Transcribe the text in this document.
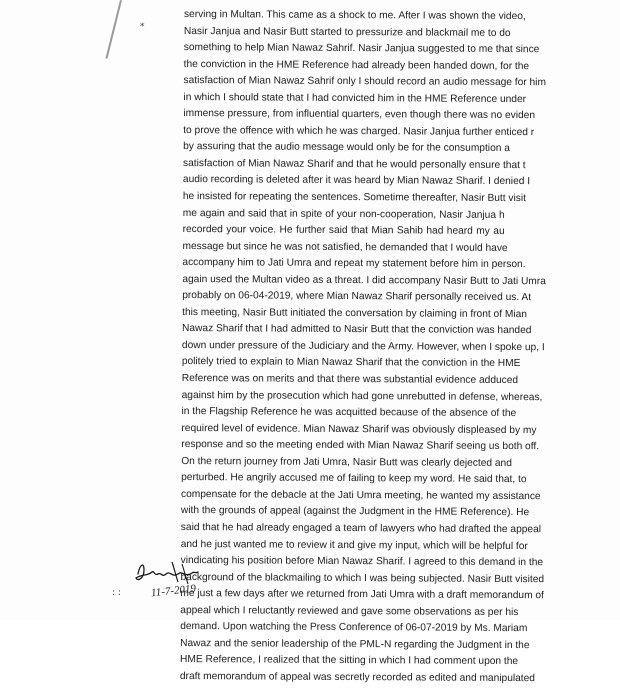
*
serving in Multan. This came as a shock to me. After I was shown the video,
Nasir Janjua and Nasir Butt started to pressurize and blackmail me to do
something to help Mian Nawaz Sahrif. Nasir Janjua suggested to me that since
the conviction in the HME Reference had already been handed down, for the
satisfaction of Mian Nawaz Sahrif only I should record an audio message for him
in which I should state that I had convicted him in the HME Reference under
immense pressure, from influential quarters, even though there was no eviden
to prove the offence with which he was charged. Nasir Janjua further enticed r
by assuring that the audio message would only be for the consumption a
satisfaction of Mian Nawaz Sharif and that he would personally ensure that t
audio recording is deleted after it was heard by Mian Nawaz Sharif. I denied I
he insisted for repeating the sentences. Sometime thereafter, Nasir Butt visit
me again and said that in spite of your non-cooperation, Nasir Janjua h
recorded your voice. He further said that Mian Sahib had heard my au
message but since he was not satisfied, he demanded that I would have
accompany him to Jati Umra and repeat my statement before him in person.
again used the Multan video as a threat. I did accompany Nasir Butt to Jati Umra
probably on 06-04-2019, where Mian Nawaz Sharif personally received us. At
this meeting, Nasir Butt initiated the conversation by claiming in front of Mian
Nawaz Sharif that I had admitted to Nasir Butt that the conviction was handed
down under pressure of the Judiciary and the Army. However, when I spoke up, I
politely tried to explain to Mian Nawaz Sharif that the conviction in the HME
Reference was on merits and that there was substantial evidence adduced
against him by the prosecution which had gone unrebutted in defense, whereas,
in the Flagship Reference he was acquitted because of the absence of the
required level of evidence. Mian Nawaz Sharif was obviously displeased by my
response and so the meeting ended with Mian Nawaz Sharif seeing us both off.
On the return journey from Jati Umra, Nasir Butt was clearly dejected and
perturbed. He angrily accused me of failing to keep my word. He said that, to
compensate for the debacle at the Jati Umra meeting, he wanted my assistance
with the grounds of appeal (against the Judgment in the HME Reference). He
said that he had already engaged a team of lawyers who had drafted the appeal
and he just wanted me to review it and give my input, which will be helpful for
vindicating his position before Mian Nawaz Sharif. I agreed to this demand in the
background of the blackmailing to which I was being subjected. Nasir Butt visited
me just a few days after we returned from Jati Umra with a draft memorandum of
appeal which I reluctantly reviewed and gave some observations as per his
demand. Upon watching the Press Conference of 06-07-2019 by Ms. Mariam
Nawaz and the senior leadership of the PML-N regarding the Judgment in the
HME Reference, I realized that the sitting in which I had comment upon the
draft memorandum of appeal was secretly recorded as edited and manipulated
11-7-2019
: :
